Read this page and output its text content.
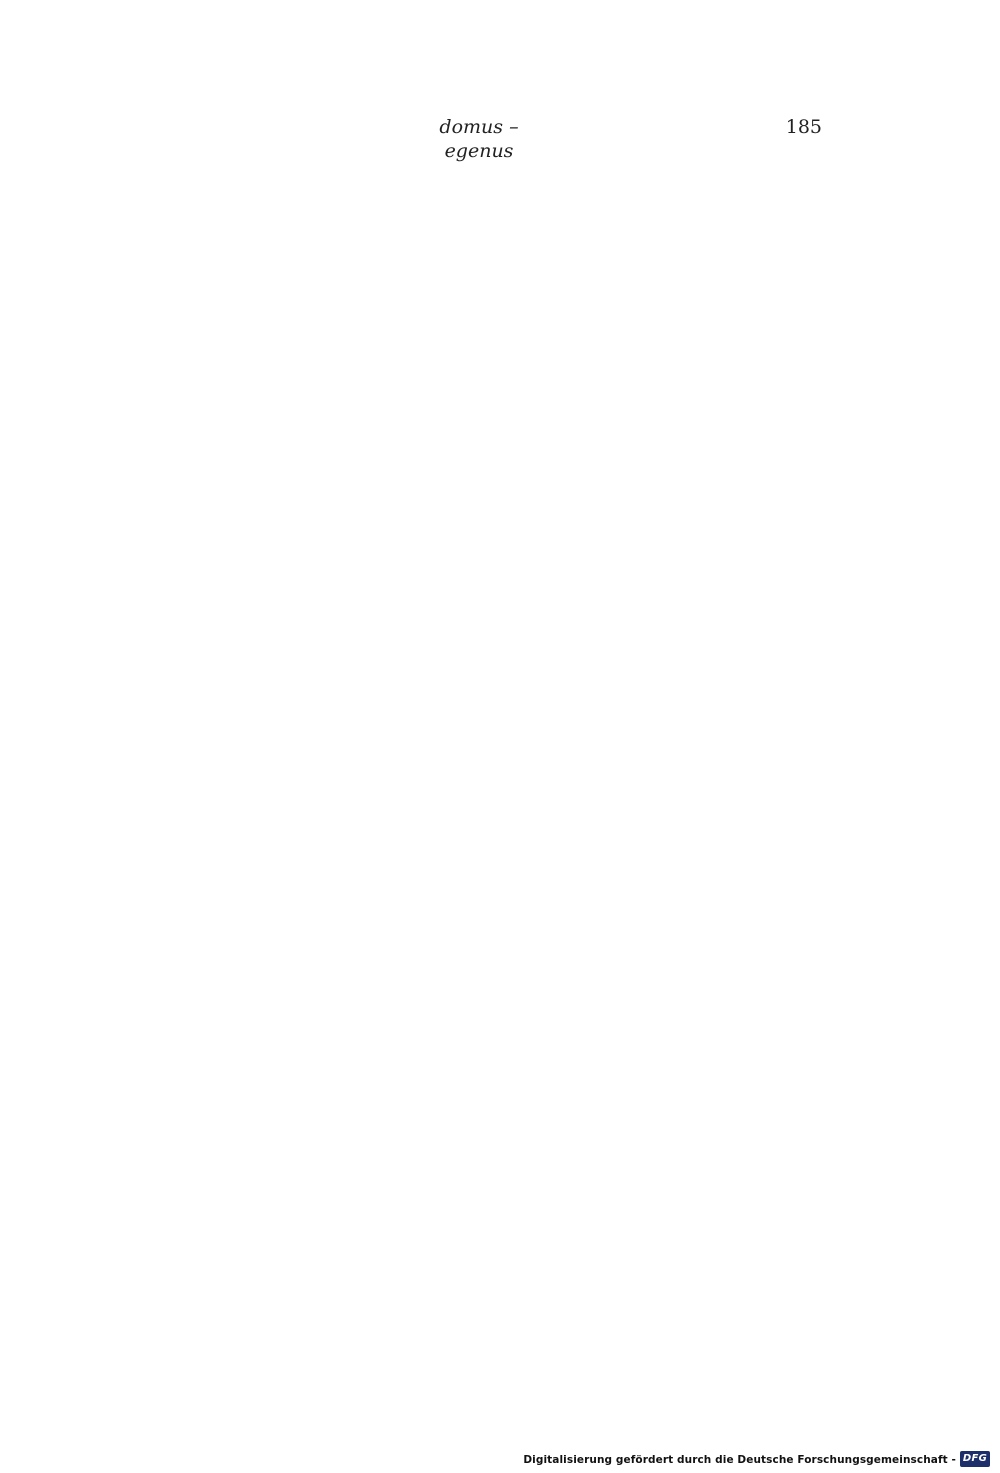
domus – egenus
185
Digitalisierung gefördert durch die Deutsche Forschungsgemeinschaft - DFG
